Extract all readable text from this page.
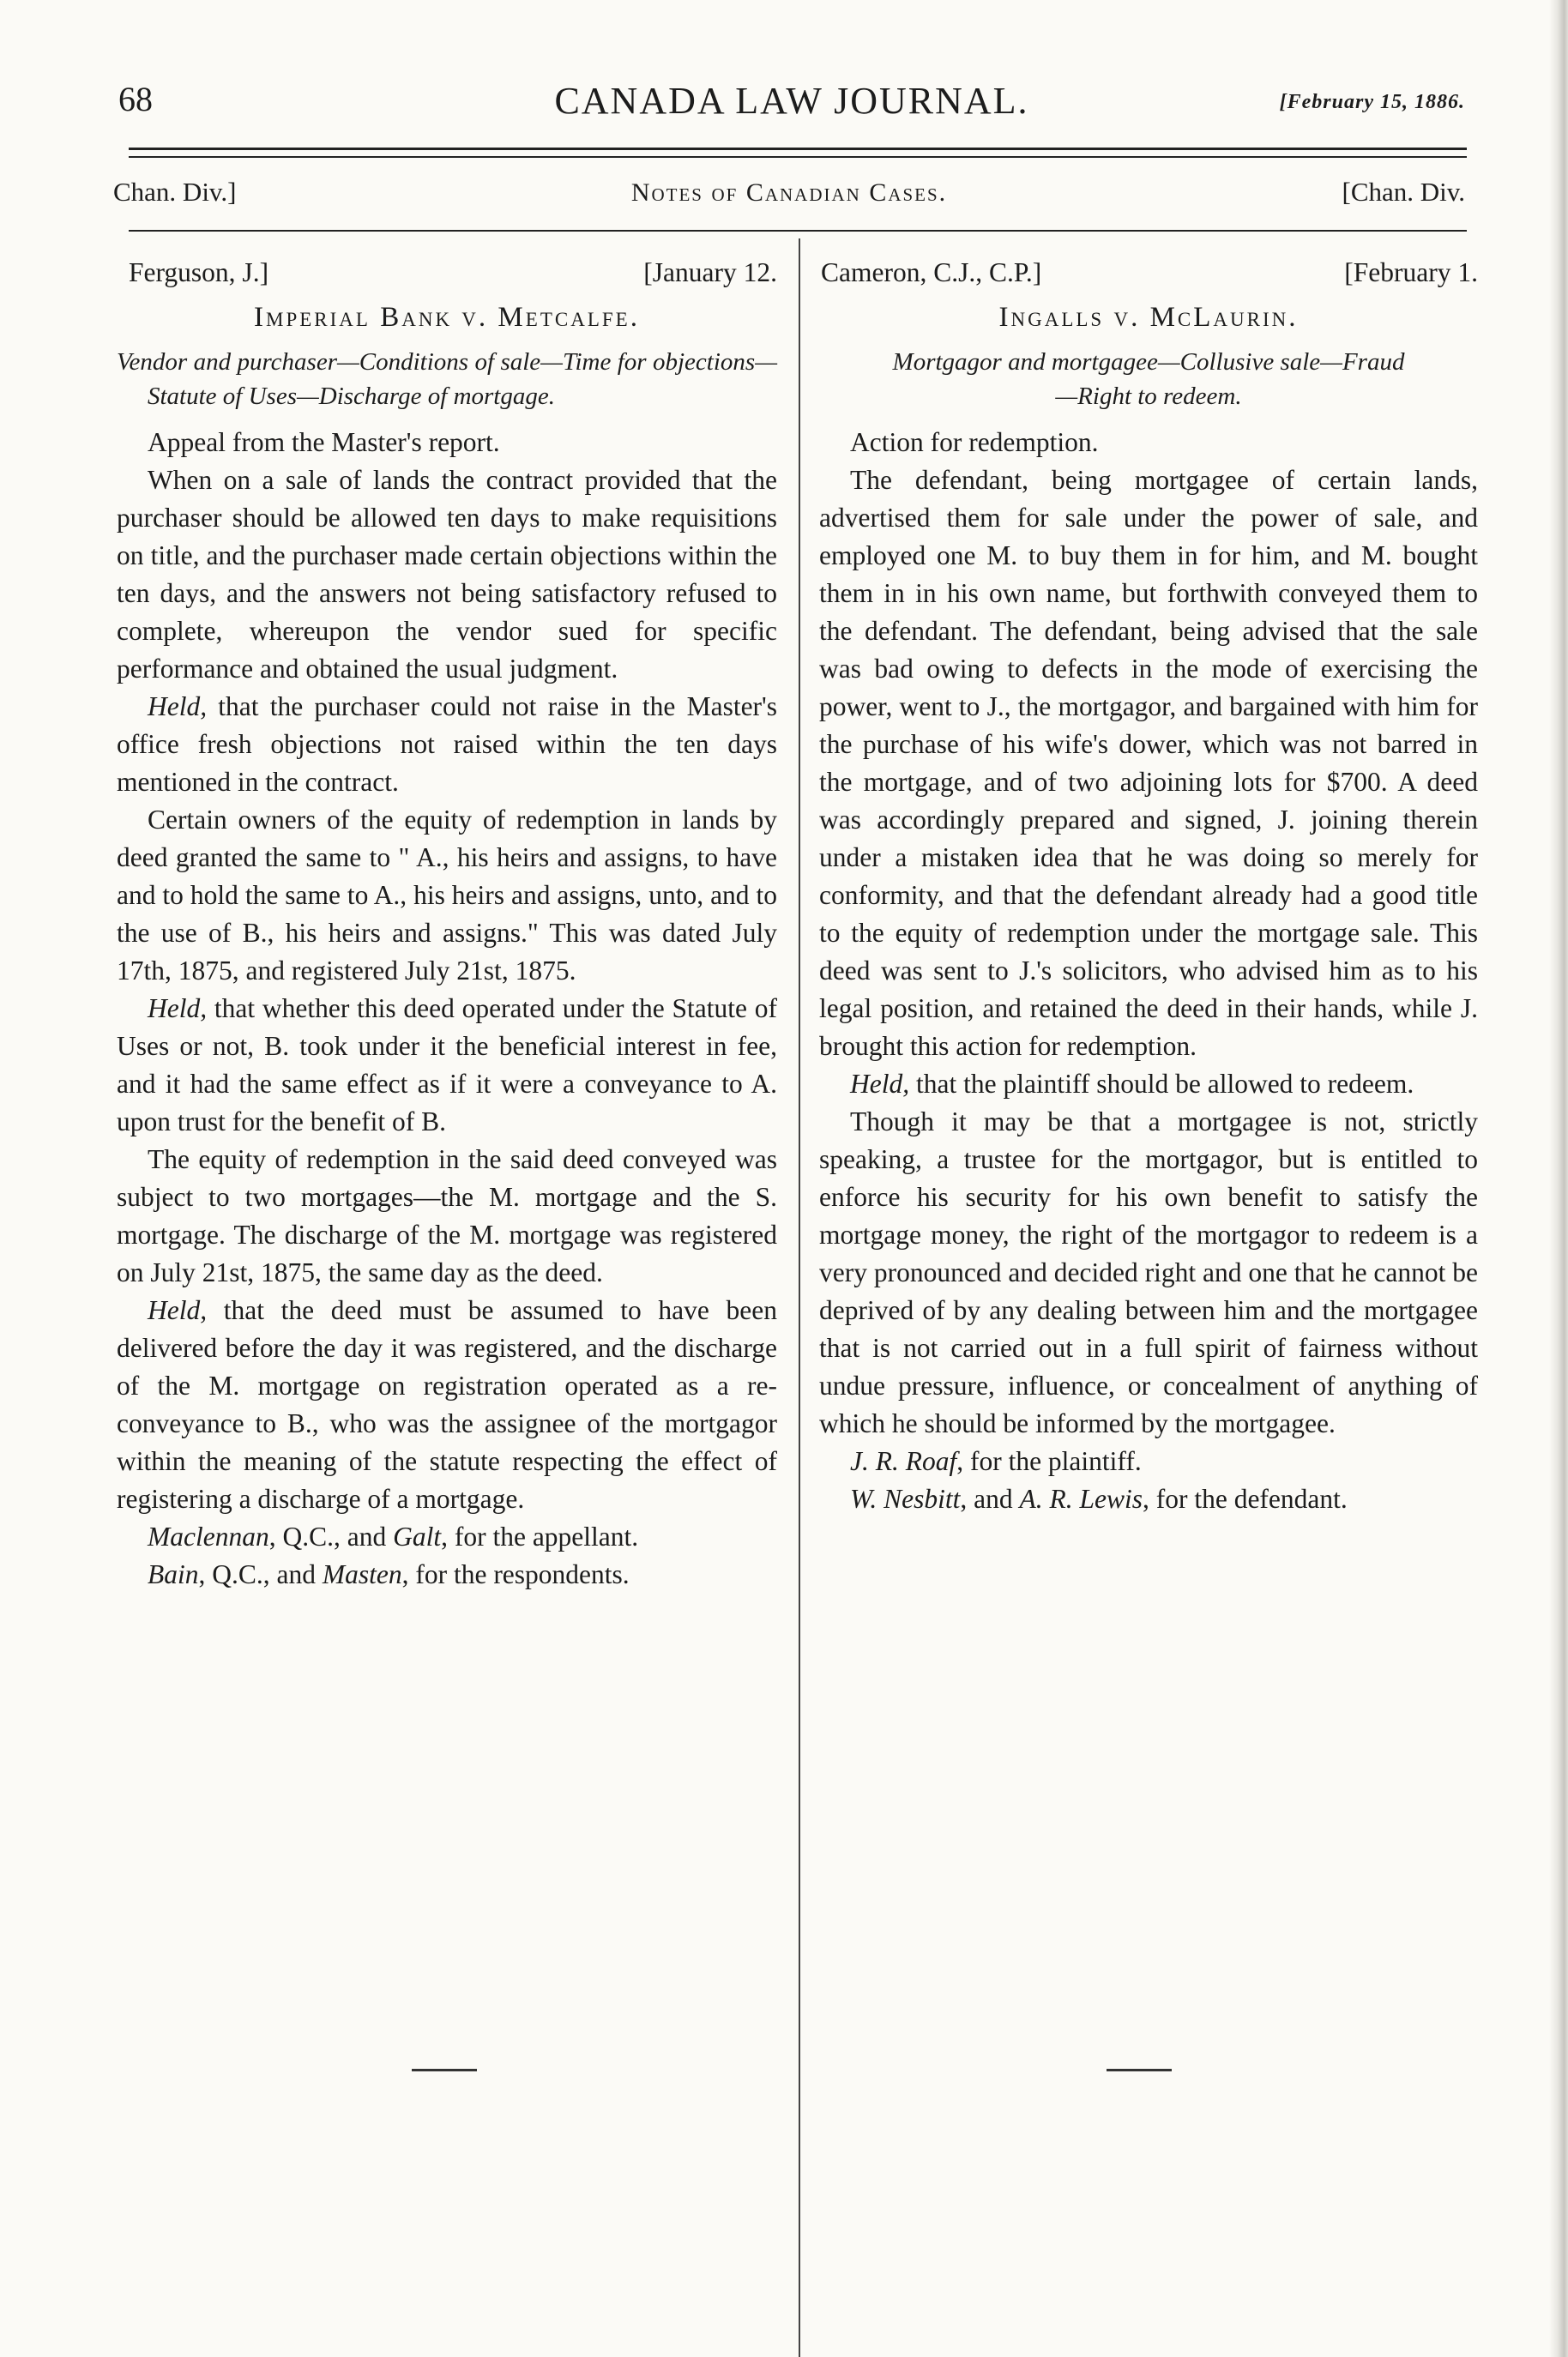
68	CANADA LAW JOURNAL.	[February 15, 1886.
Chan. Div.]	Notes of Canadian Cases.	[Chan. Div.
Ferguson, J.]	[January 12.
Imperial Bank v. Metcalfe.
Vendor and purchaser—Conditions of sale—Time for objections—Statute of Uses—Discharge of mortgage.

Appeal from the Master's report.

When on a sale of lands the contract provided that the purchaser should be allowed ten days to make requisitions on title, and the purchaser made certain objections within the ten days, and the answers not being satisfactory refused to complete, whereupon the vendor sued for specific performance and obtained the usual judgment.

Held, that the purchaser could not raise in the Master's office fresh objections not raised within the ten days mentioned in the contract.

Certain owners of the equity of redemption in lands by deed granted the same to " A., his heirs and assigns, to have and to hold the same to A., his heirs and assigns, unto, and to the use of B., his heirs and assigns." This was dated July 17th, 1875, and registered July 21st, 1875.

Held, that whether this deed operated under the Statute of Uses or not, B. took under it the beneficial interest in fee, and it had the same effect as if it were a conveyance to A. upon trust for the benefit of B.

The equity of redemption in the said deed conveyed was subject to two mortgages—the M. mortgage and the S. mortgage. The discharge of the M. mortgage was registered on July 21st, 1875, the same day as the deed.

Held, that the deed must be assumed to have been delivered before the day it was registered, and the discharge of the M. mortgage on registration operated as a re-conveyance to B., who was the assignee of the mortgagor within the meaning of the statute respecting the effect of registering a discharge of a mortgage.

Maclennan, Q.C., and Galt, for the appellant.

Bain, Q.C., and Masten, for the respondents.

Cameron, C.J., C.P.]	[February 1.
Ingalls v. McLaurin.
Mortgagor and mortgagee—Collusive sale—Fraud
—Right to redeem.

Action for redemption.

The defendant, being mortgagee of certain lands, advertised them for sale under the power of sale, and employed one M. to buy them in for him, and M. bought them in in his own name, but forthwith conveyed them to the defendant. The defendant, being advised that the sale was bad owing to defects in the mode of exercising the power, went to J., the mortgagor, and bargained with him for the purchase of his wife's dower, which was not barred in the mortgage, and of two adjoining lots for $700. A deed was accordingly prepared and signed, J. joining therein under a mistaken idea that he was doing so merely for conformity, and that the defendant already had a good title to the equity of redemption under the mortgage sale. This deed was sent to J.'s solicitors, who advised him as to his legal position, and retained the deed in their hands, while J. brought this action for redemption.

Held, that the plaintiff should be allowed to redeem.

Though it may be that a mortgagee is not, strictly speaking, a trustee for the mortgagor, but is entitled to enforce his security for his own benefit to satisfy the mortgage money, the right of the mortgagor to redeem is a very pronounced and decided right and one that he cannot be deprived of by any dealing between him and the mortgagee that is not carried out in a full spirit of fairness without undue pressure, influence, or concealment of anything of which he should be informed by the mortgagee.

J. R. Roaf, for the plaintiff.

W. Nesbitt, and A. R. Lewis, for the defendant.
